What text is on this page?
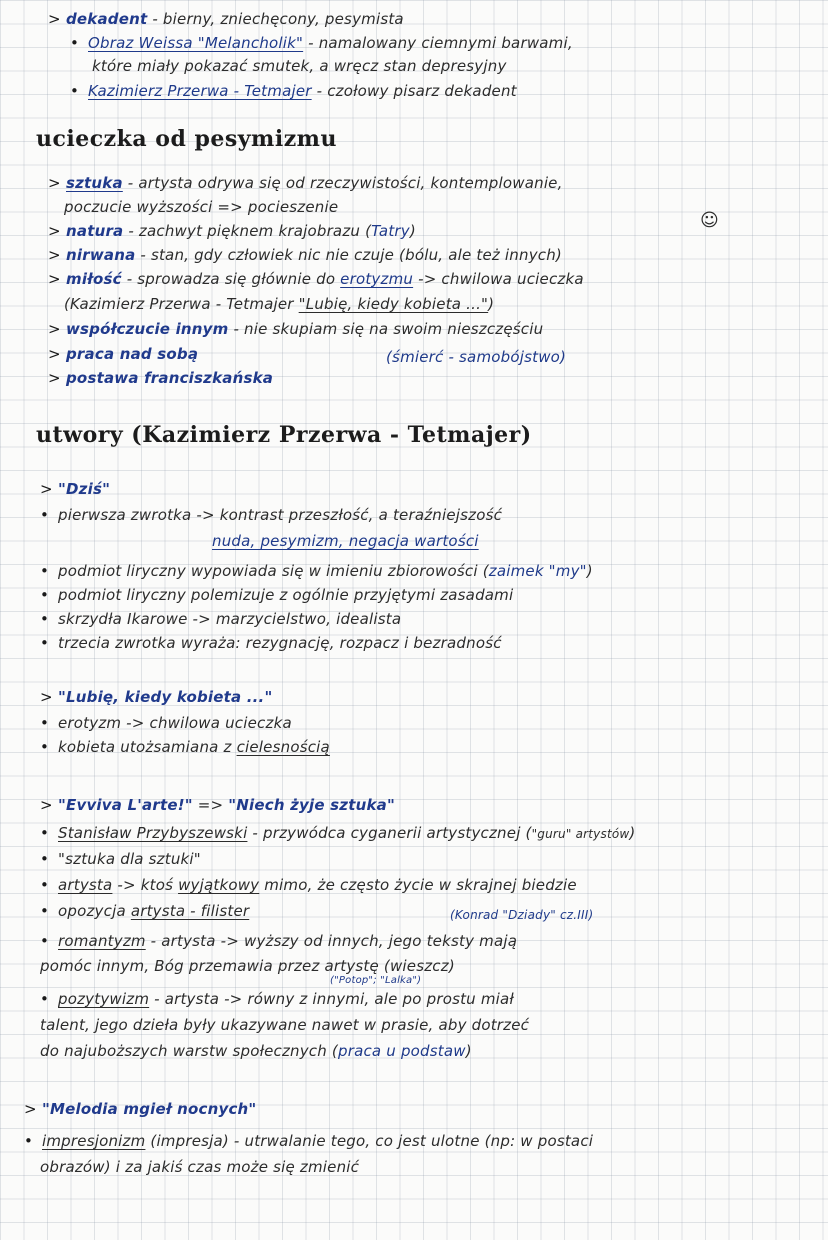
> dekadent - bierny, zniechęcony, pesymista
• Obraz Weissa "Melancholik" - namalowany ciemnymi barwami,
które miały pokazać smutek, a wręcz stan depresyjny
• Kazimierz Przerwa - Tetmajer - czołowy pisarz dekadent
ucieczka od pesymizmu
> sztuka - artysta odrywa się od rzeczywistości, kontemplowanie,
poczucie wyższości => pocieszenie
> natura - zachwyt pięknem krajobrazu (Tatry)	☺
> nirwana - stan, gdy człowiek nic nie czuje (bólu, ale też innych)
> miłość - sprowadza się głównie do erotyzmu -> chwilowa ucieczka
(Kazimierz Przerwa - Tetmajer "Lubię, kiedy kobieta ...")
> współczucie innym - nie skupiam się na swoim nieszczęściu
> praca nad sobą	(śmierć - samobójstwo)
> postawa franciszkańska
utwory (Kazimierz Przerwa - Tetmajer)
> "Dziś"
• pierwsza zwrotka -> kontrast przeszłość, a teraźniejszość
nuda, pesymizm, negacja wartości
• podmiot liryczny wypowiada się w imieniu zbiorowości (zaimek "my")
• podmiot liryczny polemizuje z ogólnie przyjętymi zasadami
• skrzydła Ikarowe -> marzycielstwo, idealista
• trzecia zwrotka wyraża: rezygnację, rozpacz i bezradność
> "Lubię, kiedy kobieta ..."
• erotyzm -> chwilowa ucieczka
• kobieta utożsamiana z cielesnością
> "Evviva L'arte!" => "Niech żyje sztuka"
• Stanisław Przybyszewski - przywódca cyganerii artystycznej ("guru" artystów)
• "sztuka dla sztuki"
• artysta -> ktoś wyjątkowy mimo, że często życie w skrajnej biedzie
• opozycja artysta - filister	(Konrad "Dziady" cz.III)
• romantyzm - artysta -> wyższy od innych, jego teksty mają
pomóc innym, Bóg przemawia przez artystę (wieszcz)
("Potop"; "Lalka")
• pozytywizm - artysta -> równy z innymi, ale po prostu miał
talent, jego dzieła były ukazywane nawet w prasie, aby dotrzeć
do najuboższych warstw społecznych (praca u podstaw)
> "Melodia mgieł nocnych"
• impresjonizm (impresja) - utrwalanie tego, co jest ulotne (np: w postaci
obrazów) i za jakiś czas może się zmienić
